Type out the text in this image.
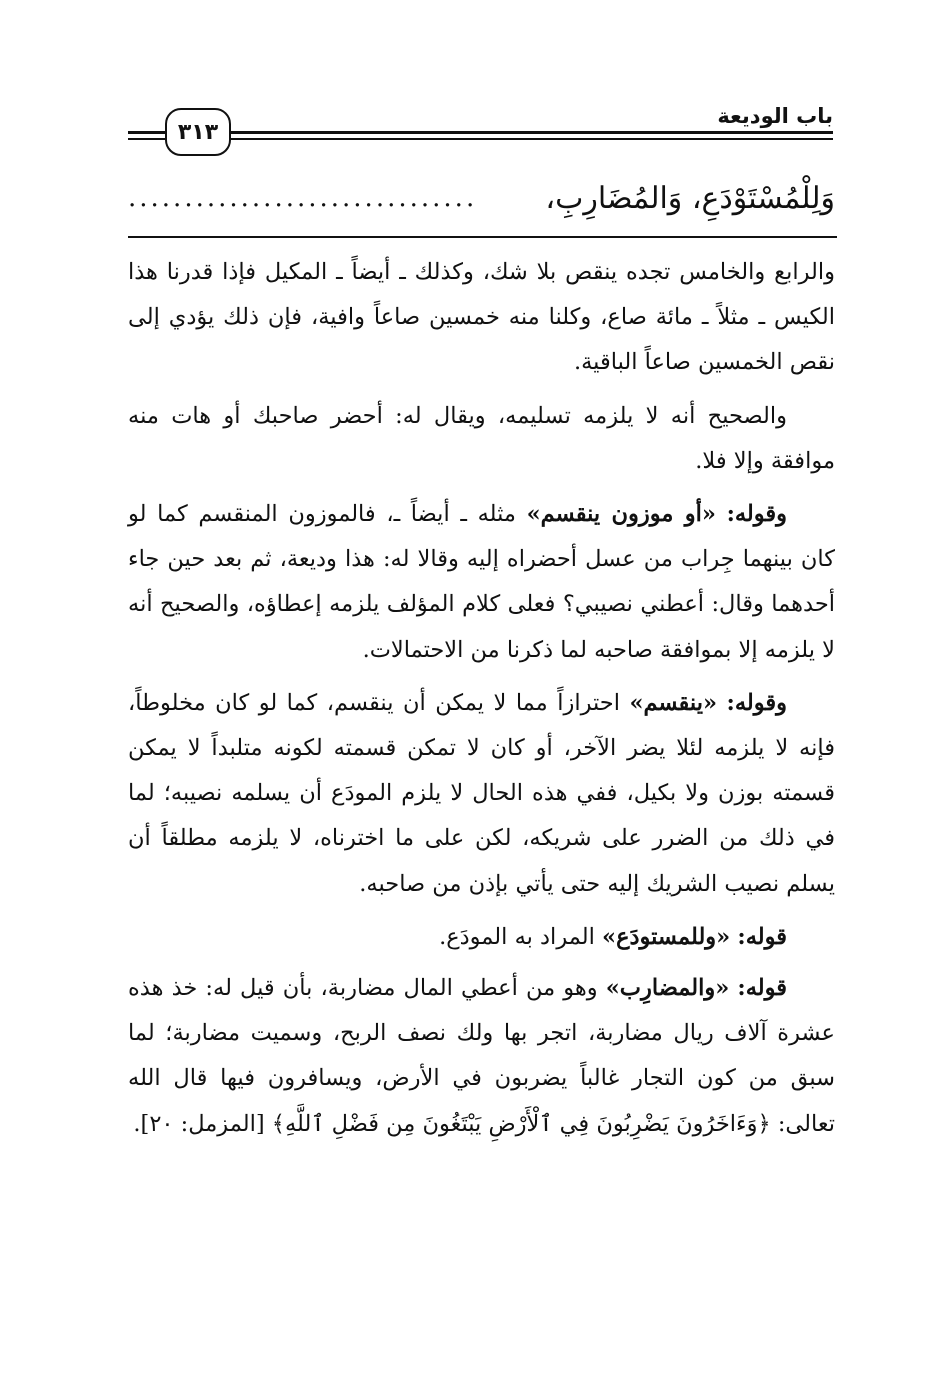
باب الوديعة
٣١٣
وَلِلْمُسْتَوْدَعِ، وَالمُضَارِبِ،
...............................

والرابع والخامس تجده ينقص بلا شك، وكذلك ـ أيضاً ـ المكيل فإذا قدرنا هذا الكيس ـ مثلاً ـ مائة صاع، وكلنا منه خمسين صاعاً وافية، فإن ذلك يؤدي إلى نقص الخمسين صاعاً الباقية.

والصحيح أنه لا يلزمه تسليمه، ويقال له: أحضر صاحبك أو هات منه موافقة وإلا فلا.

وقوله: «أو موزون ينقسم» مثله ـ أيضاً ـ، فالموزون المنقسم كما لو كان بينهما جِراب من عسل أحضراه إليه وقالا له: هذا وديعة، ثم بعد حين جاء أحدهما وقال: أعطني نصيبي؟ فعلى كلام المؤلف يلزمه إعطاؤه، والصحيح أنه لا يلزمه إلا بموافقة صاحبه لما ذكرنا من الاحتمالات.

وقوله: «ينقسم» احترازاً مما لا يمكن أن ينقسم، كما لو كان مخلوطاً، فإنه لا يلزمه لئلا يضر الآخر، أو كان لا تمكن قسمته لكونه متلبداً لا يمكن قسمته بوزن ولا بكيل، ففي هذه الحال لا يلزم المودَع أن يسلمه نصيبه؛ لما في ذلك من الضرر على شريكه، لكن على ما اخترناه، لا يلزمه مطلقاً أن يسلم نصيب الشريك إليه حتى يأتي بإذن من صاحبه.

قوله: «وللمستودَع» المراد به المودَع.

قوله: «والمضارِب» وهو من أعطي المال مضاربة، بأن قيل له: خذ هذه عشرة آلاف ريال مضاربة، اتجر بها ولك نصف الربح، وسميت مضاربة؛ لما سبق من كون التجار غالباً يضربون في الأرض، ويسافرون فيها قال الله تعالى: ﴿وَءَاخَرُونَ يَضْرِبُونَ فِي ٱلْأَرْضِ يَبْتَغُونَ مِن فَضْلِ ٱللَّهِ﴾ [المزمل: ٢٠].
